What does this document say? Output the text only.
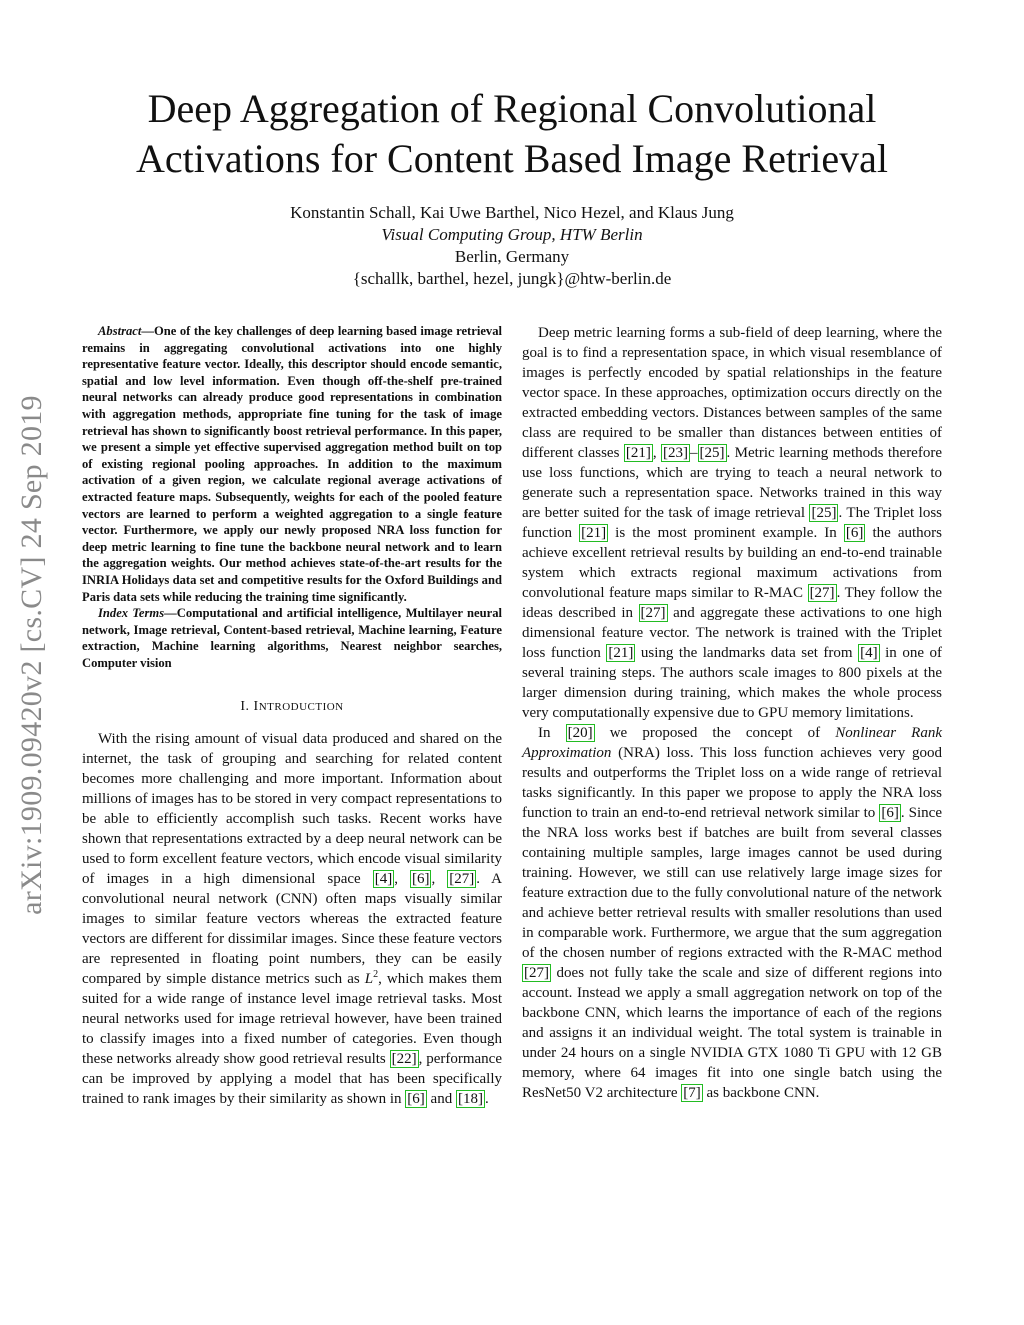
arXiv:1909.09420v2 [cs.CV] 24 Sep 2019
Deep Aggregation of Regional Convolutional Activations for Content Based Image Retrieval
Konstantin Schall, Kai Uwe Barthel, Nico Hezel, and Klaus Jung
Visual Computing Group, HTW Berlin
Berlin, Germany
{schallk, barthel, hezel, jungk}@htw-berlin.de

Abstract—One of the key challenges of deep learning based image retrieval remains in aggregating convolutional activations into one highly representative feature vector. Ideally, this descriptor should encode semantic, spatial and low level information. Even though off-the-shelf pre-trained neural networks can already produce good representations in combination with aggregation methods, appropriate fine tuning for the task of image retrieval has shown to significantly boost retrieval performance. In this paper, we present a simple yet effective supervised aggregation method built on top of existing regional pooling approaches. In addition to the maximum activation of a given region, we calculate regional average activations of extracted feature maps. Subsequently, weights for each of the pooled feature vectors are learned to perform a weighted aggregation to a single feature vector. Furthermore, we apply our newly proposed NRA loss function for deep metric learning to fine tune the backbone neural network and to learn the aggregation weights. Our method achieves state-of-the-art results for the INRIA Holidays data set and competitive results for the Oxford Buildings and Paris data sets while reducing the training time significantly.

Index Terms—Computational and artificial intelligence, Multilayer neural network, Image retrieval, Content-based retrieval, Machine learning, Feature extraction, Machine learning algorithms, Nearest neighbor searches, Computer vision

I. INTRODUCTION

With the rising amount of visual data produced and shared on the internet, the task of grouping and searching for related content becomes more challenging and more important. Information about millions of images has to be stored in very compact representations to be able to efficiently accomplish such tasks. Recent works have shown that representations extracted by a deep neural network can be used to form excellent feature vectors, which encode visual similarity of images in a high dimensional space [4] , [6] , [27] . A convolutional neural network (CNN) often maps visually similar images to similar feature vectors whereas the extracted feature vectors are different for dissimilar images. Since these feature vectors are represented in floating point numbers, they can be easily compared by simple distance metrics such as $L^2$, which makes them suited for a wide range of instance level image retrieval tasks. Most neural networks used for image retrieval however, have been trained to classify images into a fixed number of categories. Even though these networks already show good retrieval results [22] , performance can be improved by applying a model that has been specifically trained to rank images by their similarity as shown in [6] and [18] .

Deep metric learning forms a sub-field of deep learning, where the goal is to find a representation space, in which visual resemblance of images is perfectly encoded by spatial relationships in the feature vector space. In these approaches, optimization occurs directly on the extracted embedding vectors. Distances between samples of the same class are required to be smaller than distances between entities of different classes [21] , [23] – [25] . Metric learning methods therefore use loss functions, which are trying to teach a neural network to generate such a representation space. Networks trained in this way are better suited for the task of image retrieval [25] . The Triplet loss function [21] is the most prominent example. In [6] the authors achieve excellent retrieval results by building an end-to-end trainable system which extracts regional maximum activations from convolutional feature maps similar to R-MAC [27] . They follow the ideas described in [27] and aggregate these activations to one high dimensional feature vector. The network is trained with the Triplet loss function [21] using the landmarks data set from [4] in one of several training steps. The authors scale images to 800 pixels at the larger dimension during training, which makes the whole process very computationally expensive due to GPU memory limitations.

In [20] we proposed the concept of Nonlinear Rank Approximation (NRA) loss. This loss function achieves very good results and outperforms the Triplet loss on a wide range of retrieval tasks significantly. In this paper we propose to apply the NRA loss function to train an end-to-end retrieval network similar to [6] . Since the NRA loss works best if batches are built from several classes containing multiple samples, large images cannot be used during training. However, we still can use relatively large image sizes for feature extraction due to the fully convolutional nature of the network and achieve better retrieval results with smaller resolutions than used in comparable work. Furthermore, we argue that the sum aggregation of the chosen number of regions extracted with the R-MAC method [27] does not fully take the scale and size of different regions into account. Instead we apply a small aggregation network on top of the backbone CNN, which learns the importance of each of the regions and assigns it an individual weight. The total system is trainable in under 24 hours on a single NVIDIA GTX 1080 Ti GPU with 12 GB memory, where 64 images fit into one single batch using the ResNet50 V2 architecture [7] as backbone CNN.
